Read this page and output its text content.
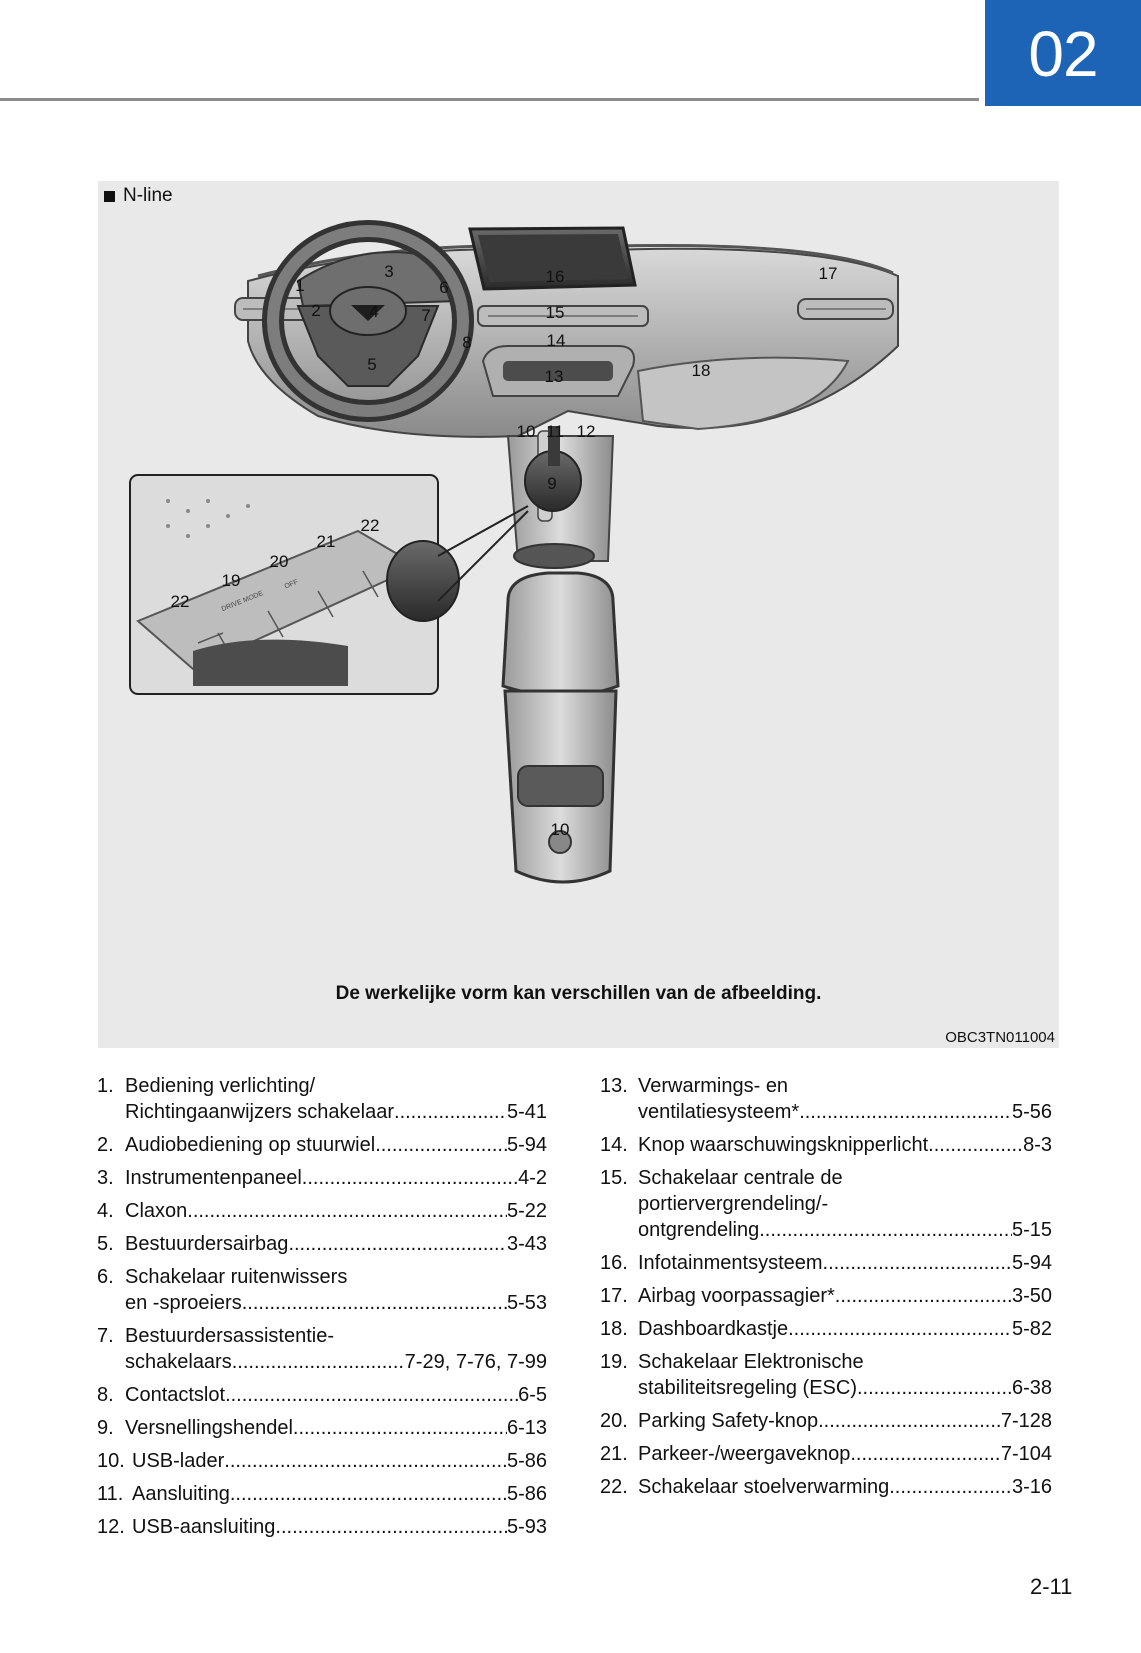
02
N-line
1
2
3
4
5
6
7
8
9
10 11 12
13
14
15
16	17
18
10
19
20
21
22
22
DRIVE MODE
OFF
De werkelijke vorm kan verschillen van de afbeelding.
OBC3TN011004
1. Bediening verlichting/
Richtingaanwijzers schakelaar .....	5-41
2. Audiobediening op stuurwiel .....	5-94
3. Instrumentenpaneel .....	4-2
4. Claxon .....	5-22
5. Bestuurdersairbag .....	3-43
6. Schakelaar ruitenwissers
en -sproeiers .....	5-53
7. Bestuurdersassistentie-
schakelaars .....	7-29, 7-76, 7-99
8. Contactslot .....	6-5
9. Versnellingshendel .....	6-13
10. USB-lader .....	5-86
11. Aansluiting .....	5-86
12. USB-aansluiting .....	5-93
13. Verwarmings- en
ventilatiesysteem* .....	5-56
14. Knop waarschuwingsknipperlicht .....	8-3
15. Schakelaar centrale de
portiervergrendeling/-
ontgrendeling .....	5-15
16. Infotainmentsysteem .....	5-94
17. Airbag voorpassagier* .....	3-50
18. Dashboardkastje .....	5-82
19. Schakelaar Elektronische
stabiliteitsregeling (ESC) .....	6-38
20. Parking Safety-knop .....	7-128
21. Parkeer-/weergaveknop .....	7-104
22. Schakelaar stoelverwarming .....	3-16
2-11
